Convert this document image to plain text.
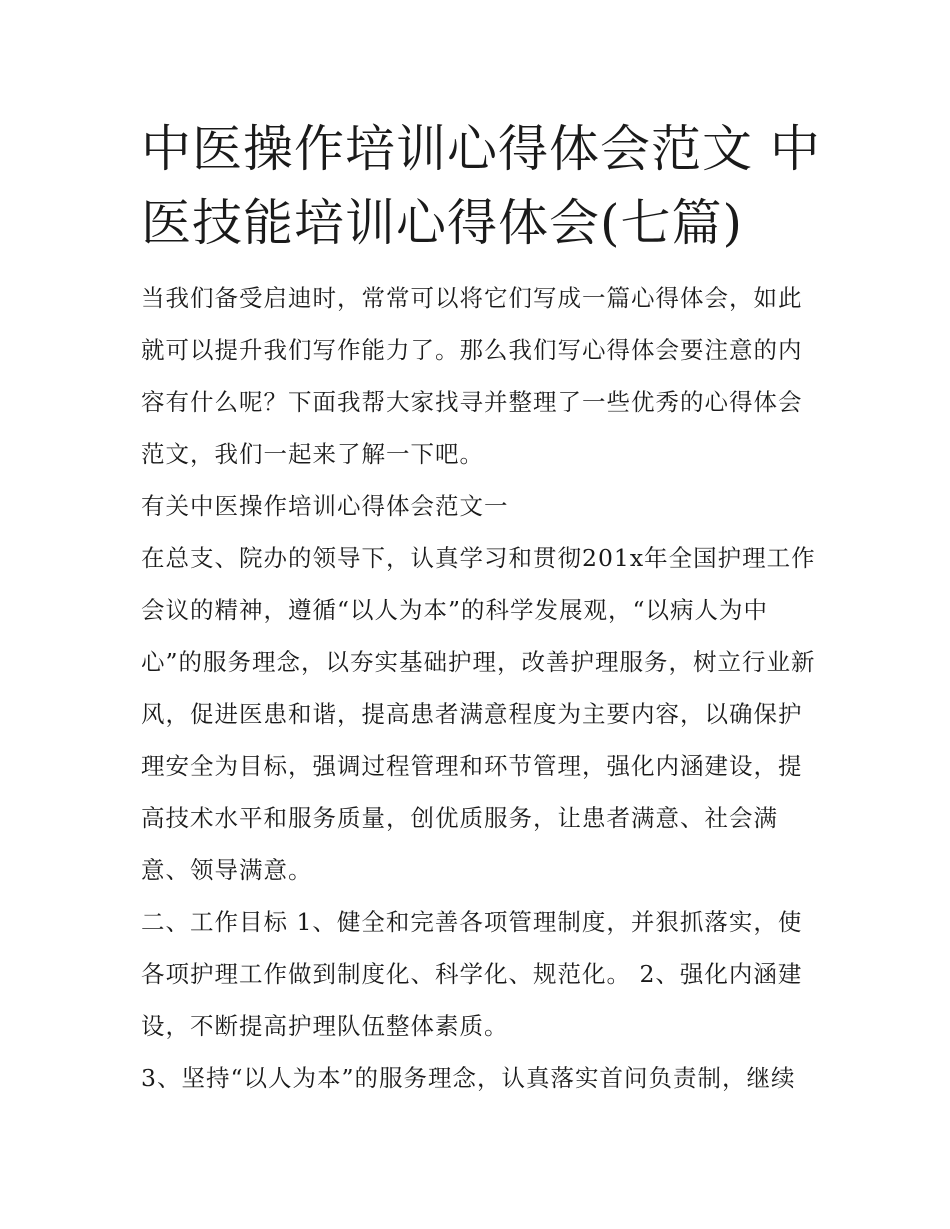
中医操作培训心得体会范文 中医技能培训心得体会(七篇)

当我们备受启迪时，常常可以将它们写成一篇心得体会，如此就可以提升我们写作能力了。那么我们写心得体会要注意的内容有什么呢？下面我帮大家找寻并整理了一些优秀的心得体会范文，我们一起来了解一下吧。

有关中医操作培训心得体会范文一

在总支、院办的领导下，认真学习和贯彻201x年全国护理工作会议的精神，遵循“以人为本”的科学发展观，“以病人为中心”的服务理念，以夯实基础护理，改善护理服务，树立行业新风，促进医患和谐，提高患者满意程度为主要内容，以确保护理安全为目标，强调过程管理和环节管理，强化内涵建设，提高技术水平和服务质量，创优质服务，让患者满意、社会满意、领导满意。

二、工作目标 1、健全和完善各项管理制度，并狠抓落实，使各项护理工作做到制度化、科学化、规范化。 2、强化内涵建设，不断提高护理队伍整体素质。

3、坚持“以人为本”的服务理念，认真落实首问负责制，继续
